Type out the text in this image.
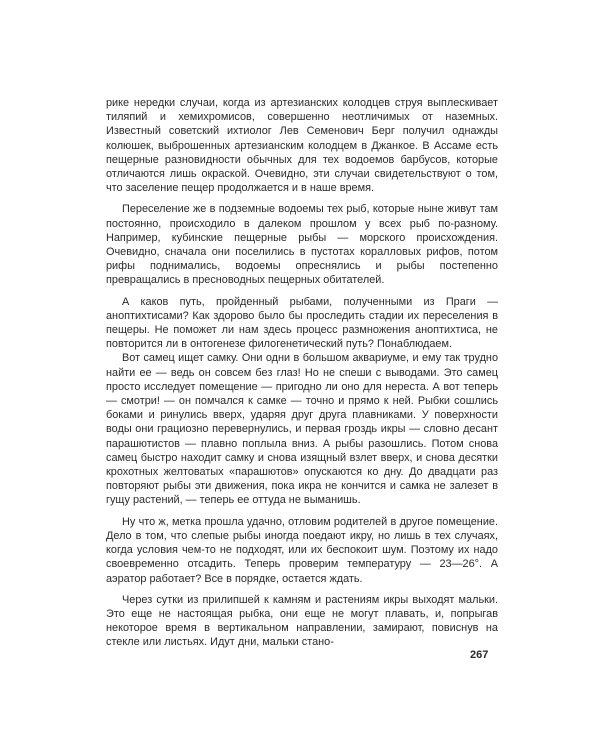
рике нередки случаи, когда из артезианских колодцев струя выплескивает тиляпий и хемихромисов, совершенно неотличимых от наземных. Известный советский ихтиолог Лев Семенович Берг получил однажды колюшек, выброшенных артезианским колодцем в Джанкое. В Ассаме есть пещерные разновидности обычных для тех водоемов барбусов, которые отличаются лишь окраской. Очевидно, эти случаи свидетельствуют о том, что заселение пещер продолжается и в наше время.

Переселение же в подземные водоемы тех рыб, которые ныне живут там постоянно, происходило в далеком прошлом у всех рыб по-разному. Например, кубинские пещерные рыбы — морского происхождения. Очевидно, сначала они поселились в пустотах коралловых рифов, потом рифы поднимались, водоемы опреснялись и рыбы постепенно превращались в пресноводных пещерных обитателей.

А каков путь, пройденный рыбами, полученными из Праги — аноптихтисами? Как здорово было бы проследить стадии их переселения в пещеры. Не поможет ли нам здесь процесс размножения аноптихтиса, не повторится ли в онтогенезе филогенетический путь? Понаблюдаем.

Вот самец ищет самку. Они одни в большом аквариуме, и ему так трудно найти ее — ведь он совсем без глаз! Но не спеши с выводами. Это самец просто исследует помещение — пригодно ли оно для нереста. А вот теперь — смотри! — он помчался к самке — точно и прямо к ней. Рыбки сошлись боками и ринулись вверх, ударяя друг друга плавниками. У поверхности воды они грациозно перевернулись, и первая гроздь икры — словно десант парашютистов — плавно поплыла вниз. А рыбы разошлись. Потом снова самец быстро находит самку и снова изящный взлет вверх, и снова десятки крохотных желтоватых «парашютов» опускаются ко дну. До двадцати раз повторяют рыбы эти движения, пока икра не кончится и самка не залезет в гущу растений, — теперь ее оттуда не выманишь.

Ну что ж, метка прошла удачно, отловим родителей в другое помещение. Дело в том, что слепые рыбы иногда поедают икру, но лишь в тех случаях, когда условия чем-то не подходят, или их беспокоит шум. Поэтому их надо своевременно отсадить. Теперь проверим температуру — 23—26°. А аэратор работает? Все в порядке, остается ждать.

Через сутки из прилипшей к камням и растениям икры выходят мальки. Это еще не настоящая рыбка, они еще не могут плавать, и, попрыгав некоторое время в вертикальном направлении, замирают, повиснув на стекле или листьях. Идут дни, мальки стано-

267
